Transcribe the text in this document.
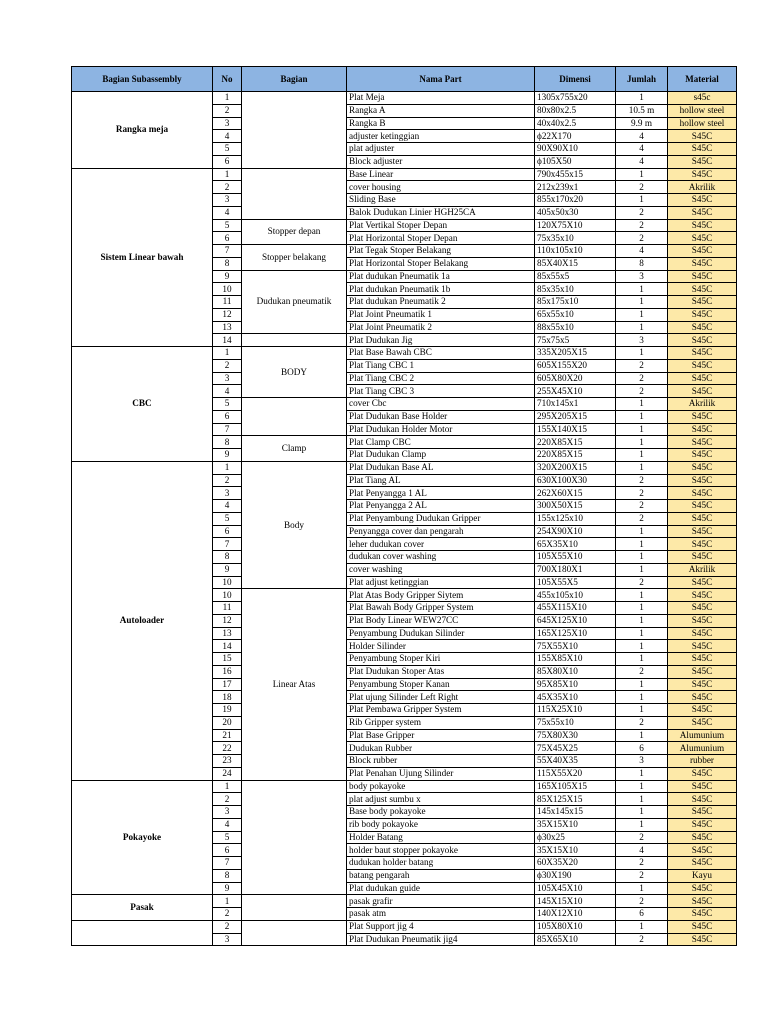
Bagian Subassembly	No	Bagian	Nama Part	Dimensi	Jumlah	Material
Rangka meja	1		Plat Meja	1305x755x20	1	s45c
	2		Rangka A	80x80x2.5	10.5 m	hollow steel
	3		Rangka B	40x40x2.5	9.9 m	hollow steel
	4		adjuster ketinggian	ϕ22X170	4	S45C
	5		plat adjuster	90X90X10	4	S45C
	6		Block adjuster	ϕ105X50	4	S45C
Sistem Linear bawah	1		Base Linear	790x455x15	1	S45C
	2		cover housing	212x239x1	2	Akrilik
	3		Sliding Base	855x170x20	1	S45C
	4		Balok Dudukan Linier HGH25CA	405x50x30	2	S45C
	5	Stopper depan	Plat Vertikal Stoper Depan	120X75X10	2	S45C
	6		Plat Horizontal Stoper Depan	75x35x10	2	S45C
	7	Stopper belakang	Plat Tegak Stoper Belakang	110x105x10	4	S45C
	8		Plat Horizontal Stoper Belakang	85X40X15	8	S45C
	9	Dudukan pneumatik	Plat dudukan Pneumatik 1a	85x55x5	3	S45C
	10		Plat dudukan Pneumatik 1b	85x35x10	1	S45C
	11		Plat dudukan Pneumatik 2	85x175x10	1	S45C
	12		Plat Joint Pneumatik 1	65x55x10	1	S45C
	13		Plat Joint Pneumatik 2	88x55x10	1	S45C
	14		Plat Dudukan Jig	75x75x5	3	S45C
CBC	1	BODY	Plat Base Bawah CBC	335X205X15	1	S45C
	2		Plat Tiang CBC 1	605X155X20	2	S45C
	3		Plat Tiang CBC 2	605X80X20	2	S45C
	4		Plat Tiang CBC 3	255X45X10	2	S45C
	5		cover Cbc	710x145x1	1	Akrilik
	6		Plat Dudukan Base Holder	295X205X15	1	S45C
	7		Plat Dudukan Holder Motor	155X140X15	1	S45C
	8	Clamp	Plat Clamp CBC	220X85X15	1	S45C
	9		Plat Dudukan Clamp	220X85X15	1	S45C
Autoloader	1	Body	Plat Dudukan Base AL	320X200X15	1	S45C
	2		Plat Tiang AL	630X100X30	2	S45C
	3		Plat Penyangga 1 AL	262X60X15	2	S45C
	4		Plat Penyangga 2 AL	300X50X15	2	S45C
	5		Plat Penyambung Dudukan Gripper	155x125x10	2	S45C
	6		Penyangga cover dan pengarah	254X90X10	1	S45C
	7		leher dudukan cover	65X35X10	1	S45C
	8		dudukan cover washing	105X55X10	1	S45C
	9		cover washing	700X180X1	1	Akrilik
	10		Plat adjust ketinggian	105X55X5	2	S45C
	10	Linear Atas	Plat Atas Body Gripper Siytem	455x105x10	1	S45C
	11		Plat Bawah Body Gripper System	455X115X10	1	S45C
	12		Plat Body Linear WEW27CC	645X125X10	1	S45C
	13		Penyambung Dudukan Silinder	165X125X10	1	S45C
	14		Holder Silinder	75X55X10	1	S45C
	15		Penyambung Stoper Kiri	155X85X10	1	S45C
	16		Plat Dudukan Stoper Atas	85X80X10	2	S45C
	17		Penyambung Stoper Kanan	95X85X10	1	S45C
	18		Plat ujung Silinder Left Right	45X35X10	1	S45C
	19		Plat Pembawa Gripper System	115X25X10	1	S45C
	20		Rib Gripper system	75x55x10	2	S45C
	21		Plat Base Gripper	75X80X30	1	Alumunium
	22		Dudukan Rubber	75X45X25	6	Alumunium
	23		Block rubber	55X40X35	3	rubber
	24		Plat Penahan Ujung Silinder	115X55X20	1	S45C
Pokayoke	1		body pokayoke	165X105X15	1	S45C
	2		plat adjust sumbu x	85X125X15	1	S45C
	3		Base body pokayoke	145x145x15	1	S45C
	4		rib body pokayoke	35X15X10	1	S45C
	5		Holder Batang	ϕ30x25	2	S45C
	6		holder baut stopper pokayoke	35X15X10	4	S45C
	7		dudukan holder batang	60X35X20	2	S45C
	8		batang pengarah	ϕ30X190	2	Kayu
	9		Plat dudukan guide	105X45X10	1	S45C
Pasak	1		pasak grafir	145X15X10	2	S45C
	2		pasak atm	140X12X10	6	S45C
	2		Plat Support jig 4	105X80X10	1	S45C
	3		Plat Dudukan Pneumatik jig4	85X65X10	2	S45C
